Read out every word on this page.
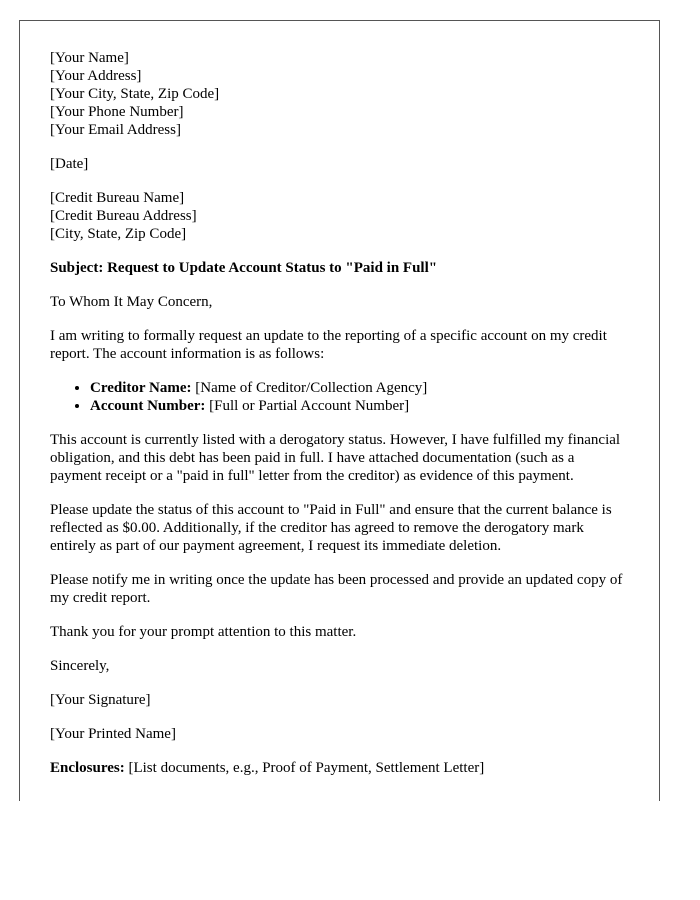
[Your Name]
[Your Address]
[Your City, State, Zip Code]
[Your Phone Number]
[Your Email Address]
[Date]
[Credit Bureau Name]
[Credit Bureau Address]
[City, State, Zip Code]
Subject: Request to Update Account Status to "Paid in Full"
To Whom It May Concern,
I am writing to formally request an update to the reporting of a specific account on my credit report. The account information is as follows:
• Creditor Name: [Name of Creditor/Collection Agency]
• Account Number: [Full or Partial Account Number]
This account is currently listed with a derogatory status. However, I have fulfilled my financial obligation, and this debt has been paid in full. I have attached documentation (such as a payment receipt or a "paid in full" letter from the creditor) as evidence of this payment.
Please update the status of this account to "Paid in Full" and ensure that the current balance is reflected as $0.00. Additionally, if the creditor has agreed to remove the derogatory mark entirely as part of our payment agreement, I request its immediate deletion.
Please notify me in writing once the update has been processed and provide an updated copy of my credit report.
Thank you for your prompt attention to this matter.
Sincerely,
[Your Signature]
[Your Printed Name]
Enclosures: [List documents, e.g., Proof of Payment, Settlement Letter]
